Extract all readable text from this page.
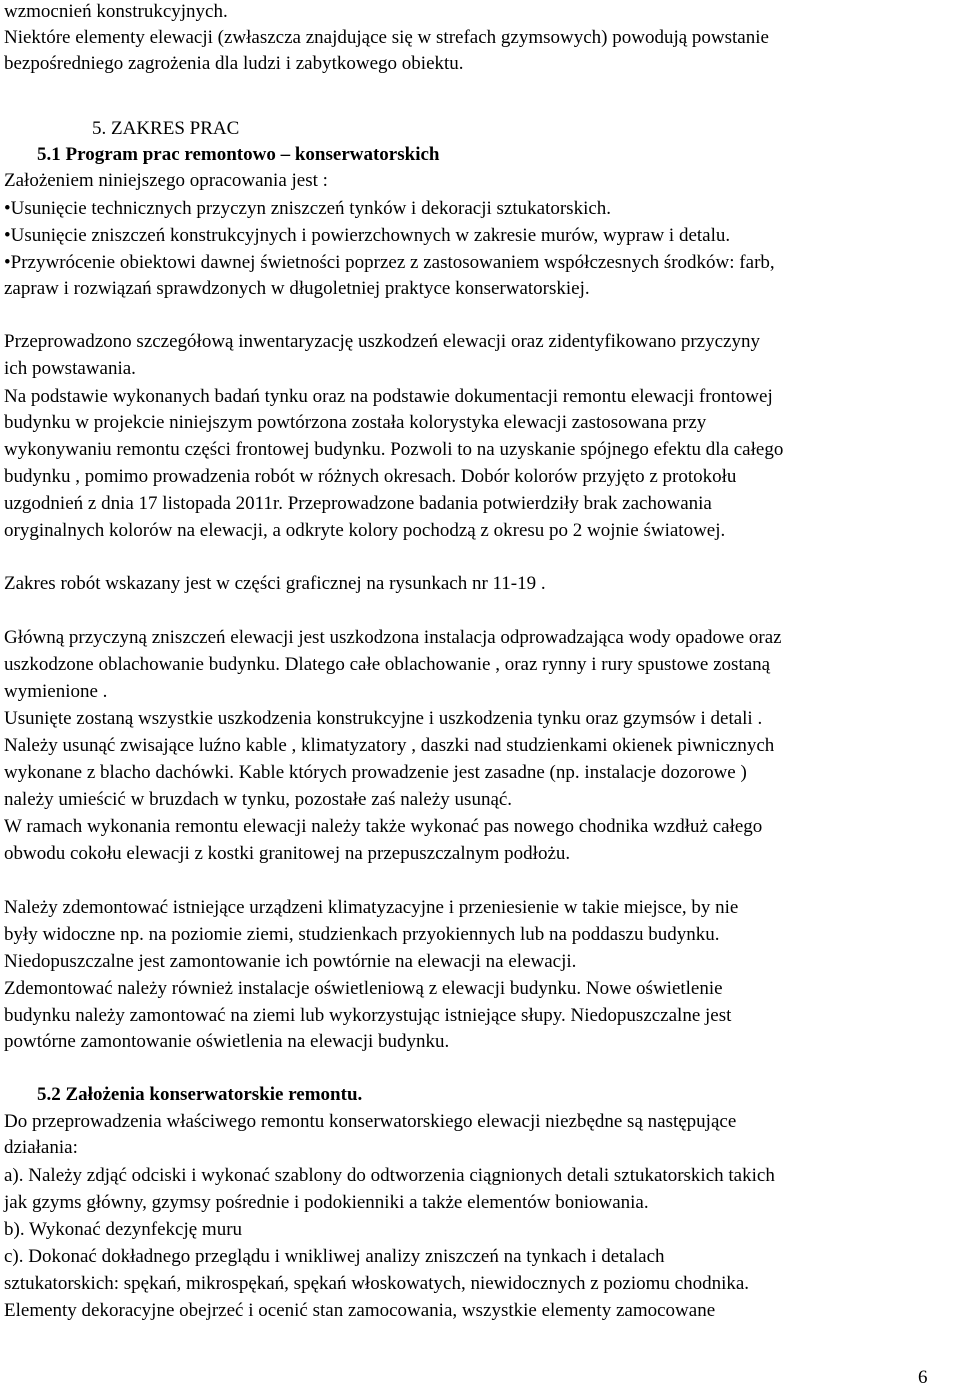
wzmocnień konstrukcyjnych.
Niektóre elementy elewacji (zwłaszcza znajdujące się w strefach gzymsowych) powodują powstanie
bezpośredniego zagrożenia dla ludzi i zabytkowego obiektu.
5. ZAKRES PRAC
5.1 Program prac remontowo – konserwatorskich
Założeniem niniejszego opracowania jest :
•Usunięcie technicznych przyczyn zniszczeń tynków i dekoracji sztukatorskich.
•Usunięcie zniszczeń konstrukcyjnych i powierzchownych w zakresie murów, wypraw i detalu.
•Przywrócenie obiektowi dawnej świetności poprzez z zastosowaniem współczesnych środków: farb,
zapraw i rozwiązań sprawdzonych w długoletniej praktyce konserwatorskiej.
Przeprowadzono szczegółową inwentaryzację uszkodzeń elewacji oraz zidentyfikowano przyczyny
ich powstawania.
Na podstawie wykonanych badań tynku oraz na podstawie dokumentacji remontu elewacji frontowej
budynku w projekcie niniejszym powtórzona została kolorystyka elewacji zastosowana przy
wykonywaniu remontu części frontowej budynku. Pozwoli to na uzyskanie spójnego efektu dla całego
budynku , pomimo prowadzenia robót w różnych okresach. Dobór kolorów przyjęto z protokołu
uzgodnień z dnia 17 listopada 2011r. Przeprowadzone badania potwierdziły brak zachowania
oryginalnych kolorów na elewacji, a odkryte kolory pochodzą z okresu po 2 wojnie światowej.
Zakres robót wskazany jest w części graficznej na rysunkach nr 11-19 .
Główną przyczyną zniszczeń elewacji jest uszkodzona instalacja odprowadzająca wody opadowe oraz
uszkodzone oblachowanie budynku. Dlatego całe oblachowanie , oraz rynny i rury spustowe zostaną
wymienione .
Usunięte zostaną wszystkie uszkodzenia konstrukcyjne i uszkodzenia tynku oraz gzymsów i detali .
Należy usunąć zwisające luźno kable , klimatyzatory , daszki nad studzienkami okienek piwnicznych
wykonane z blacho dachówki. Kable których prowadzenie jest zasadne (np. instalacje dozorowe )
należy umieścić w bruzdach w tynku, pozostałe zaś należy usunąć.
W ramach wykonania remontu elewacji należy także wykonać pas nowego chodnika wzdłuż całego
obwodu cokołu elewacji z kostki granitowej na przepuszczalnym podłożu.
Należy zdemontować istniejące urządzeni klimatyzacyjne i przeniesienie w takie miejsce, by nie
były widoczne np. na poziomie ziemi, studzienkach przyokiennych lub na poddaszu budynku.
Niedopuszczalne jest zamontowanie ich powtórnie na elewacji na elewacji.
Zdemontować należy również instalacje oświetleniową z elewacji budynku. Nowe oświetlenie
budynku należy zamontować na ziemi lub wykorzystując istniejące słupy. Niedopuszczalne jest
powtórne zamontowanie oświetlenia na elewacji budynku.
5.2 Założenia konserwatorskie remontu.
Do przeprowadzenia właściwego remontu konserwatorskiego elewacji niezbędne są następujące
działania:
a). Należy zdjąć odciski i wykonać szablony do odtworzenia ciągnionych detali sztukatorskich takich
jak gzyms główny, gzymsy pośrednie i podokienniki a także elementów boniowania.
b). Wykonać dezynfekcję muru
c). Dokonać dokładnego przeglądu i wnikliwej analizy zniszczeń na tynkach i detalach
sztukatorskich: spękań, mikrospękań, spękań włoskowatych, niewidocznych z poziomu chodnika.
Elementy dekoracyjne obejrzeć i ocenić stan zamocowania, wszystkie elementy zamocowane
6
